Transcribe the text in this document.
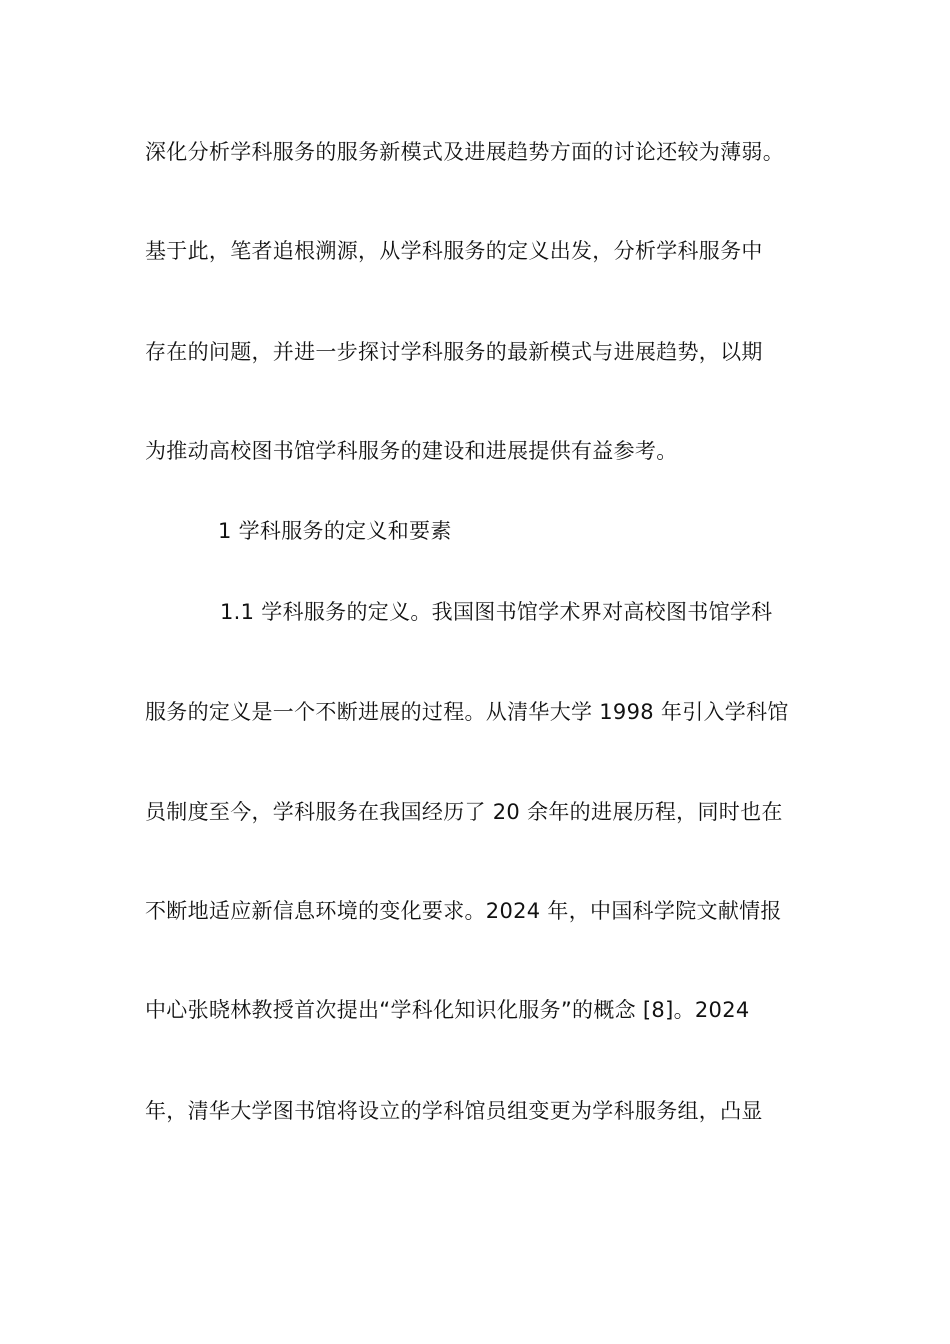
深化分析学科服务的服务新模式及进展趋势方面的讨论还较为薄弱。
基于此，笔者追根溯源，从学科服务的定义出发，分析学科服务中
存在的问题，并进一步探讨学科服务的最新模式与进展趋势，以期
为推动高校图书馆学科服务的建设和进展提供有益参考。
1 学科服务的定义和要素
1.1 学科服务的定义。我国图书馆学术界对高校图书馆学科
服务的定义是一个不断进展的过程。从清华大学 1998 年引入学科馆
员制度至今，学科服务在我国经历了 20 余年的进展历程，同时也在
不断地适应新信息环境的变化要求。2024 年，中国科学院文献情报
中心张晓林教授首次提出“学科化知识化服务”的概念 [8]。2024
年，清华大学图书馆将设立的学科馆员组变更为学科服务组，凸显
